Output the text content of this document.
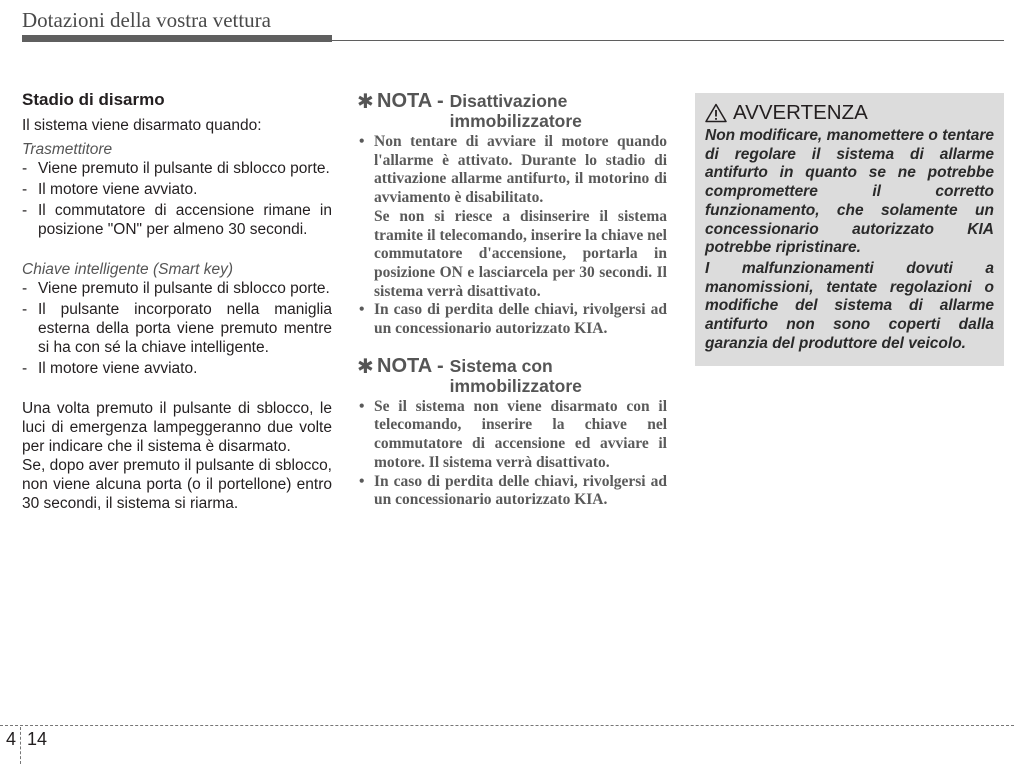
Dotazioni della vostra vettura

Stadio di disarmo

Il sistema viene disarmato quando:

Trasmettitore

- Viene premuto il pulsante di sblocco porte.
- Il motore viene avviato.
- Il commutatore di accensione rimane in posizione "ON" per almeno 30 secondi.

Chiave intelligente (Smart key)

- Viene premuto il pulsante di sblocco porte.
- Il pulsante incorporato nella maniglia esterna della porta viene premuto mentre si ha con sé la chiave intelligente.
- Il motore viene avviato.

Una volta premuto il pulsante di sblocco, le luci di emergenza lampeggeranno due volte per indicare che il sistema è disarmato.

Se, dopo aver premuto il pulsante di sblocco, non viene alcuna porta (o il portellone) entro 30 secondi, il sistema si riarma.

✱ NOTA - Disattivazione
immobilizzatore
• Non tentare di avviare il motore quando l'allarme è attivato. Durante lo stadio di attivazione allarme antifurto, il motorino di avviamento è disabilitato.
Se non si riesce a disinserire il sistema tramite il telecomando, inserire la chiave nel commutatore d'accensione, portarla in posizione ON e lasciarcela per 30 secondi. Il sistema verrà disattivato.
• In caso di perdita delle chiavi, rivolgersi ad un concessionario autorizzato KIA.
✱ NOTA - Sistema con
immobilizzatore
• Se il sistema non viene disarmato con il telecomando, inserire la chiave nel commutatore di accensione ed avviare il motore. Il sistema verrà disattivato.
• In caso di perdita delle chiavi, rivolgersi ad un concessionario autorizzato KIA.
AVVERTENZA

Non modificare, manomettere o tentare di regolare il sistema di allarme antifurto in quanto se ne potrebbe compromettere il corretto funzionamento, che solamente un concessionario autorizzato KIA potrebbe ripristinare.

I malfunzionamenti dovuti a manomissioni, tentate regolazioni o modifiche del sistema di allarme antifurto non sono coperti dalla garanzia del produttore del veicolo.

4 14
